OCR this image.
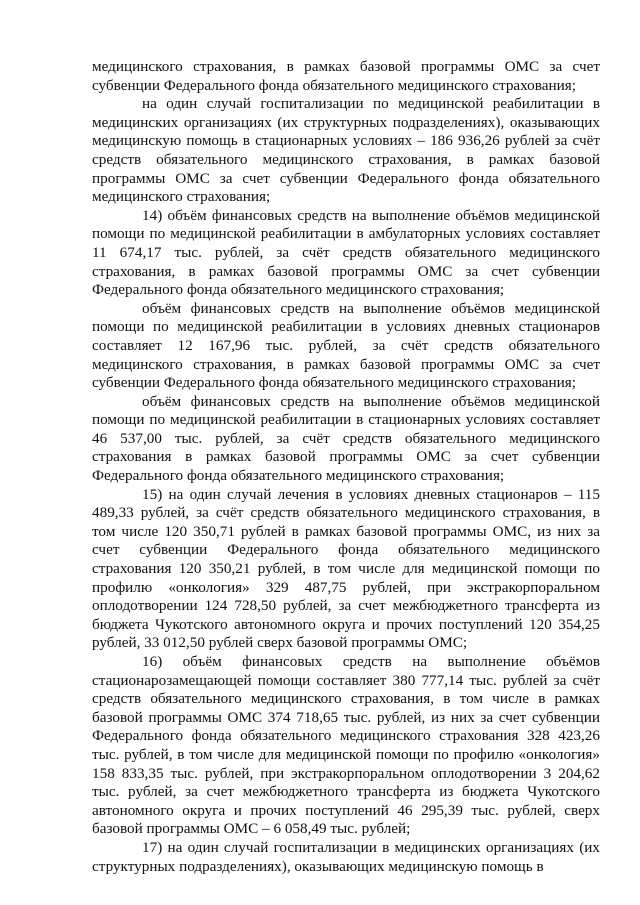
медицинского страхования, в рамках базовой программы ОМС за счет субвенции Федерального фонда обязательного медицинского страхования;

на один случай госпитализации по медицинской реабилитации в медицинских организациях (их структурных подразделениях), оказывающих медицинскую помощь в стационарных условиях – 186 936,26 рублей за счёт средств обязательного медицинского страхования, в рамках базовой программы ОМС за счет субвенции Федерального фонда обязательного медицинского страхования;

14) объём финансовых средств на выполнение объёмов медицинской помощи по медицинской реабилитации в амбулаторных условиях составляет 11 674,17 тыс. рублей, за счёт средств обязательного медицинского страхования, в рамках базовой программы ОМС за счет субвенции Федерального фонда обязательного медицинского страхования;

объём финансовых средств на выполнение объёмов медицинской помощи по медицинской реабилитации в условиях дневных стационаров составляет 12 167,96 тыс. рублей, за счёт средств обязательного медицинского страхования, в рамках базовой программы ОМС за счет субвенции Федерального фонда обязательного медицинского страхования;

объём финансовых средств на выполнение объёмов медицинской помощи по медицинской реабилитации в стационарных условиях составляет 46 537,00 тыс. рублей, за счёт средств обязательного медицинского страхования в рамках базовой программы ОМС за счет субвенции Федерального фонда обязательного медицинского страхования;

15) на один случай лечения в условиях дневных стационаров – 115 489,33 рублей, за счёт средств обязательного медицинского страхования, в том числе 120 350,71 рублей в рамках базовой программы ОМС, из них за счет субвенции Федерального фонда обязательного медицинского страхования 120 350,21 рублей, в том числе для медицинской помощи по профилю «онкология» 329 487,75 рублей, при экстракорпоральном оплодотворении 124 728,50 рублей, за счет межбюджетного трансферта из бюджета Чукотского автономного округа и прочих поступлений 120 354,25 рублей, 33 012,50 рублей сверх базовой программы ОМС;

16) объём финансовых средств на выполнение объёмов стационарозамещающей помощи составляет 380 777,14 тыс. рублей за счёт средств обязательного медицинского страхования, в том числе в рамках базовой программы ОМС 374 718,65 тыс. рублей, из них за счет субвенции Федерального фонда обязательного медицинского страхования 328 423,26 тыс. рублей, в том числе для медицинской помощи по профилю «онкология» 158 833,35 тыс. рублей, при экстракорпоральном оплодотворении 3 204,62 тыс. рублей, за счет межбюджетного трансферта из бюджета Чукотского автономного округа и прочих поступлений 46 295,39 тыс. рублей, сверх базовой программы ОМС – 6 058,49 тыс. рублей;

17) на один случай госпитализации в медицинских организациях (их структурных подразделениях), оказывающих медицинскую помощь в
